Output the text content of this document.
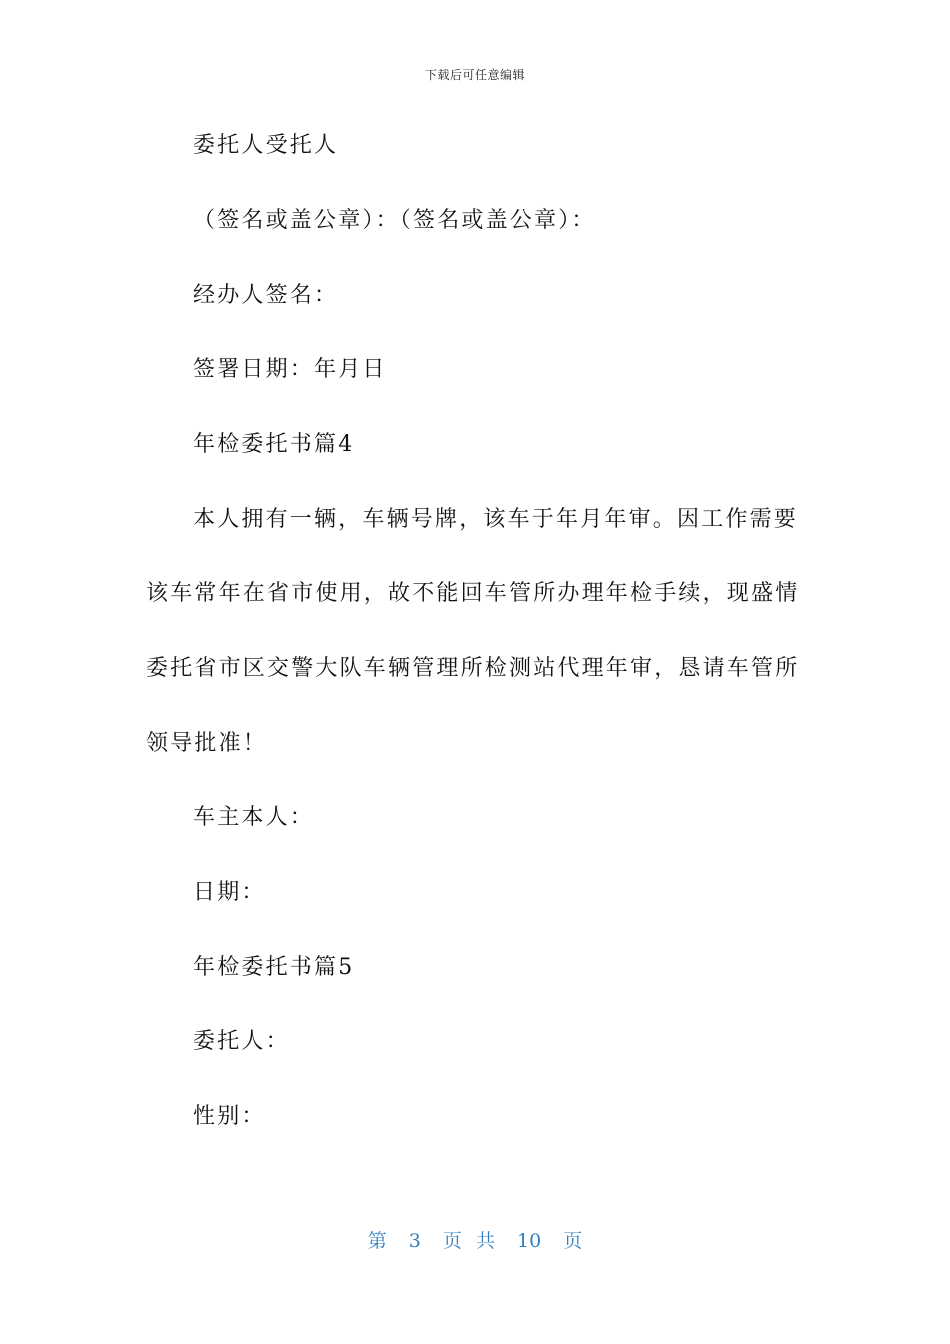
下载后可任意编辑

委托人受托人

（签名或盖公章）：（签名或盖公章）：

经办人签名：

签署日期：年月日

年检委托书篇4

本人拥有一辆，车辆号牌，该车于年月年审。因工作需要

该车常年在省市使用，故不能回车管所办理年检手续，现盛情

委托省市区交警大队车辆管理所检测站代理年审，恳请车管所

领导批准！

车主本人：

日期：

年检委托书篇5

委托人：

性别：

第 3 页 共 10 页
